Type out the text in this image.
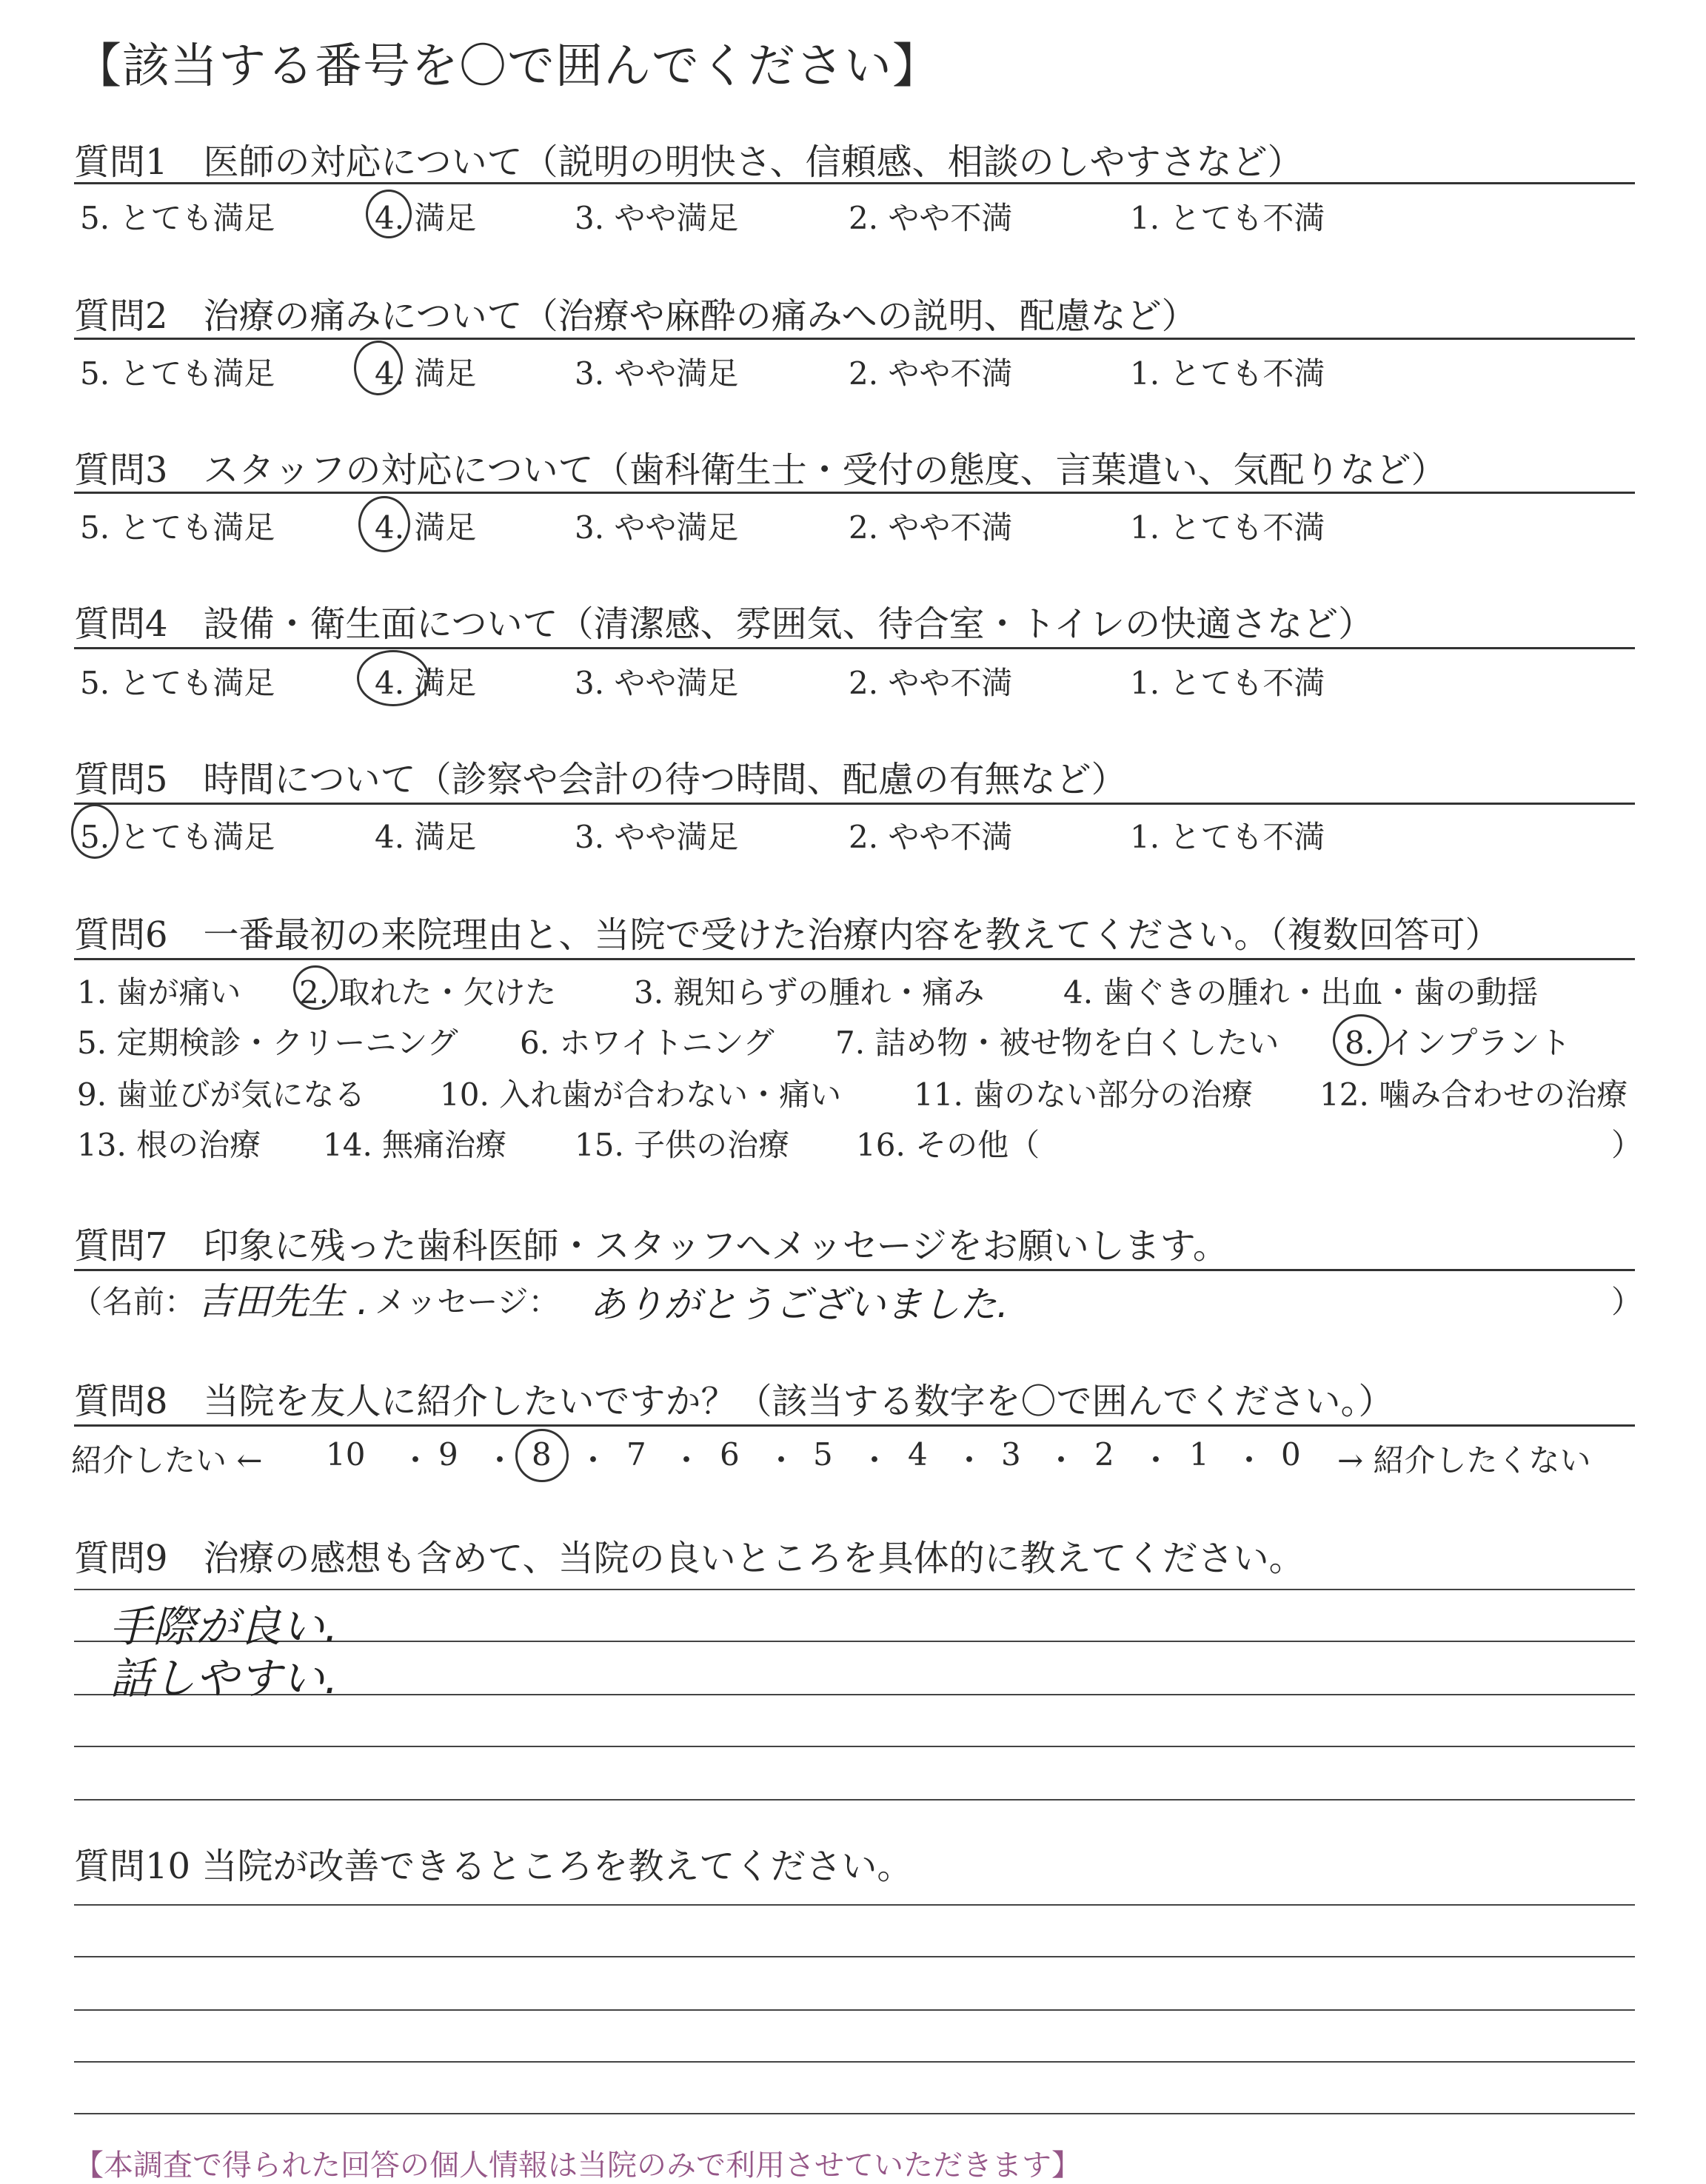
【該当する番号を〇で囲んでください】
質問1　医師の対応について（説明の明快さ、信頼感、相談のしやすさなど）
5. とても満足	4. 満足	3. やや満足	2. やや不満	1. とても不満
質問2　治療の痛みについて（治療や麻酔の痛みへの説明、配慮など）
5. とても満足	4. 満足	3. やや満足	2. やや不満	1. とても不満
質問3　スタッフの対応について（歯科衛生士・受付の態度、言葉遣い、気配りなど）
5. とても満足	4. 満足	3. やや満足	2. やや不満	1. とても不満
質問4　設備・衛生面について（清潔感、雰囲気、待合室・トイレの快適さなど）
5. とても満足	4. 満足	3. やや満足	2. やや不満	1. とても不満
質問5　時間について（診察や会計の待つ時間、配慮の有無など）
5. とても満足	4. 満足	3. やや満足	2. やや不満	1. とても不満
質問6　一番最初の来院理由と、当院で受けた治療内容を教えてください。（複数回答可）
1. 歯が痛い 2. 取れた・欠けた 3. 親知らずの腫れ・痛み	4. 歯ぐきの腫れ・出血・歯の動揺
5. 定期検診・クリーニング 6. ホワイトニング 7. 詰め物・被せ物を白くしたい 8. インプラント
9. 歯並びが気になる 10. 入れ歯が合わない・痛い 11. 歯のない部分の治療 12. 噛み合わせの治療
13. 根の治療 14. 無痛治療 15. 子供の治療 16. その他（	）
質問7　印象に残った歯科医師・スタッフへメッセージをお願いします。
（名前： 吉田先生 . メッセージ： ありがとうございました.	）
質問8　当院を友人に紹介したいですか？（該当する数字を〇で囲んでください。）
紹介したい ← 10 ・ 9 ・ 8 ・ 7 ・ 6 ・ 5 ・ 4 ・ 3 ・ 2 ・ 1 ・ 0 → 紹介したくない
質問9　治療の感想も含めて、当院の良いところを具体的に教えてください。
手際が良い.
話しやすい.
質問10 当院が改善できるところを教えてください。
【本調査で得られた回答の個人情報は当院のみで利用させていただきます】
